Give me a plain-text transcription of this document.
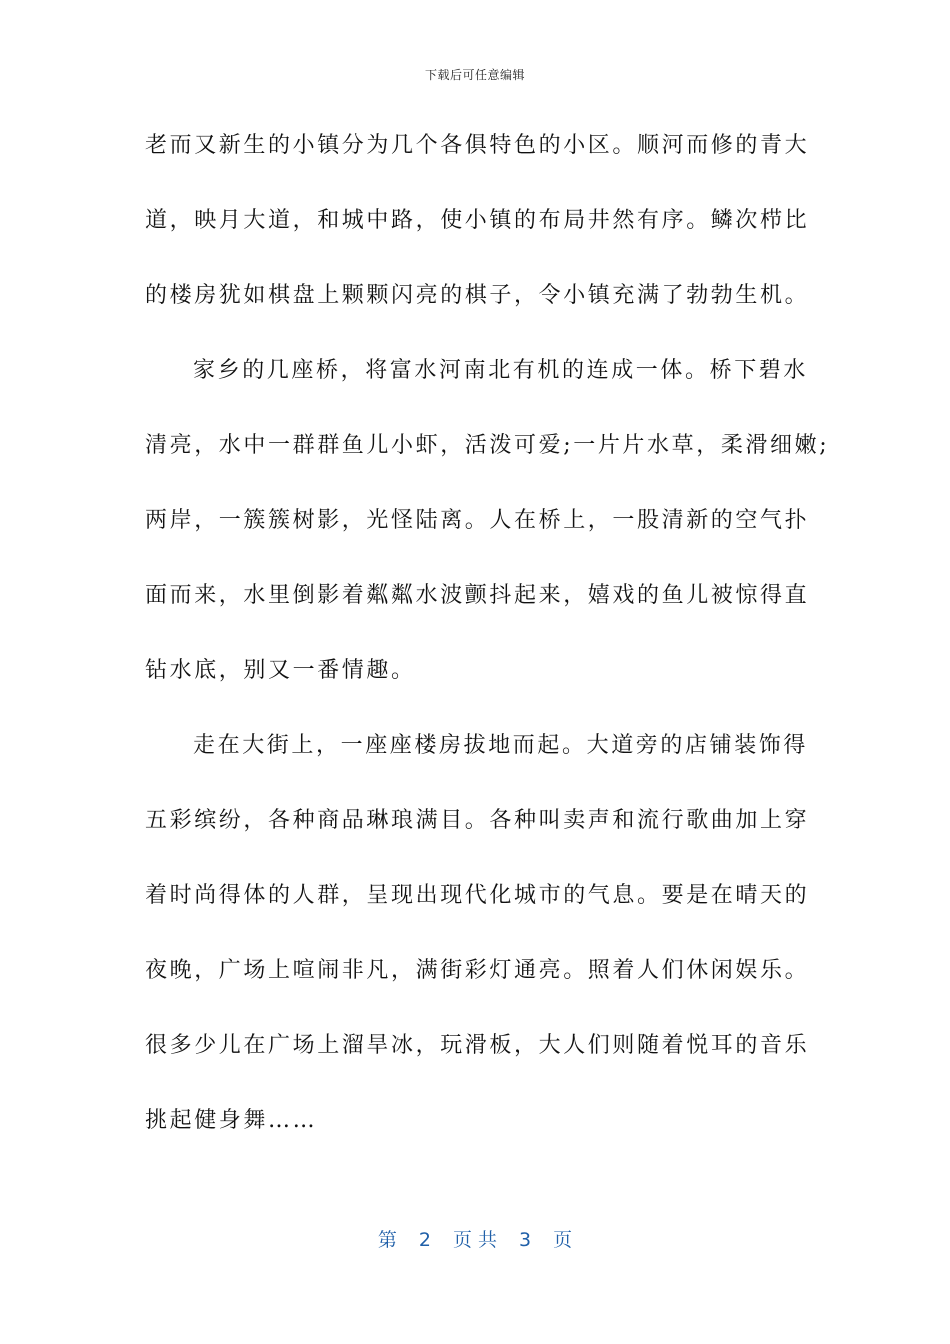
下载后可任意编辑
老而又新生的小镇分为几个各俱特色的小区。顺河而修的青大
道，映月大道，和城中路，使小镇的布局井然有序。鳞次栉比
的楼房犹如棋盘上颗颗闪亮的棋子，令小镇充满了勃勃生机。
家乡的几座桥，将富水河南北有机的连成一体。桥下碧水
清亮，水中一群群鱼儿小虾，活泼可爱;一片片水草，柔滑细嫩;
两岸，一簇簇树影，光怪陆离。人在桥上，一股清新的空气扑
面而来，水里倒影着粼粼水波颤抖起来，嬉戏的鱼儿被惊得直
钻水底，别又一番情趣。
走在大街上，一座座楼房拔地而起。大道旁的店铺装饰得
五彩缤纷，各种商品琳琅满目。各种叫卖声和流行歌曲加上穿
着时尚得体的人群，呈现出现代化城市的气息。要是在晴天的
夜晚，广场上喧闹非凡，满街彩灯通亮。照着人们休闲娱乐。
很多少儿在广场上溜旱冰，玩滑板，大人们则随着悦耳的音乐
挑起健身舞……
第 2 页 共 3 页
